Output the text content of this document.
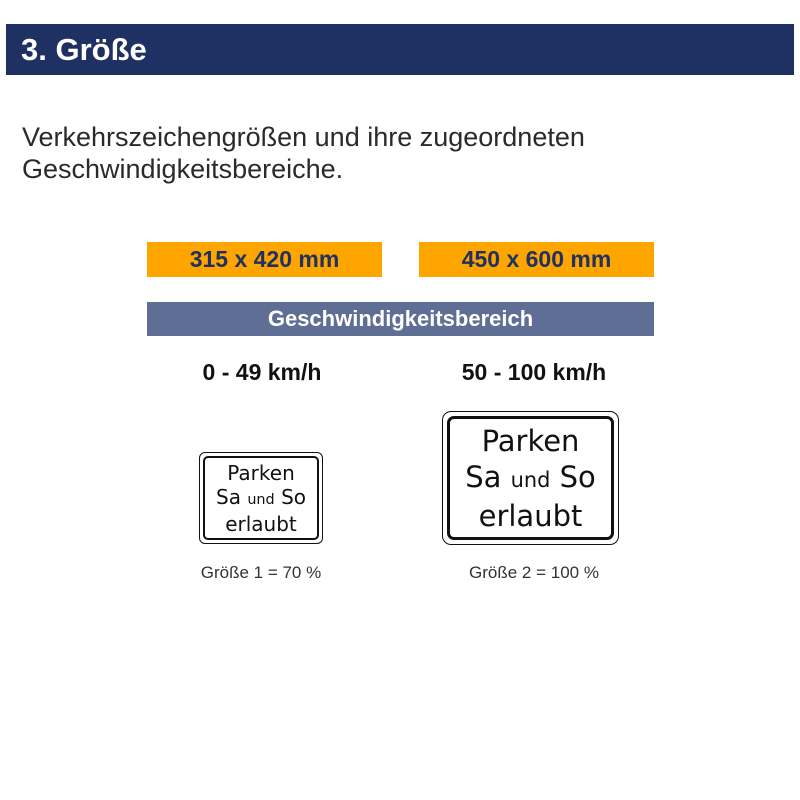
3. Größe
Verkehrszeichengrößen und ihre zugeordneten Geschwindigkeitsbereiche.
315 x 420 mm	450 x 600 mm
Geschwindigkeitsbereich
0 - 49 km/h	50 - 100 km/h
Parken
Sa und So
erlaubt
Parken
Sa und So
erlaubt
Größe 1 = 70 %	Größe 2 = 100 %
